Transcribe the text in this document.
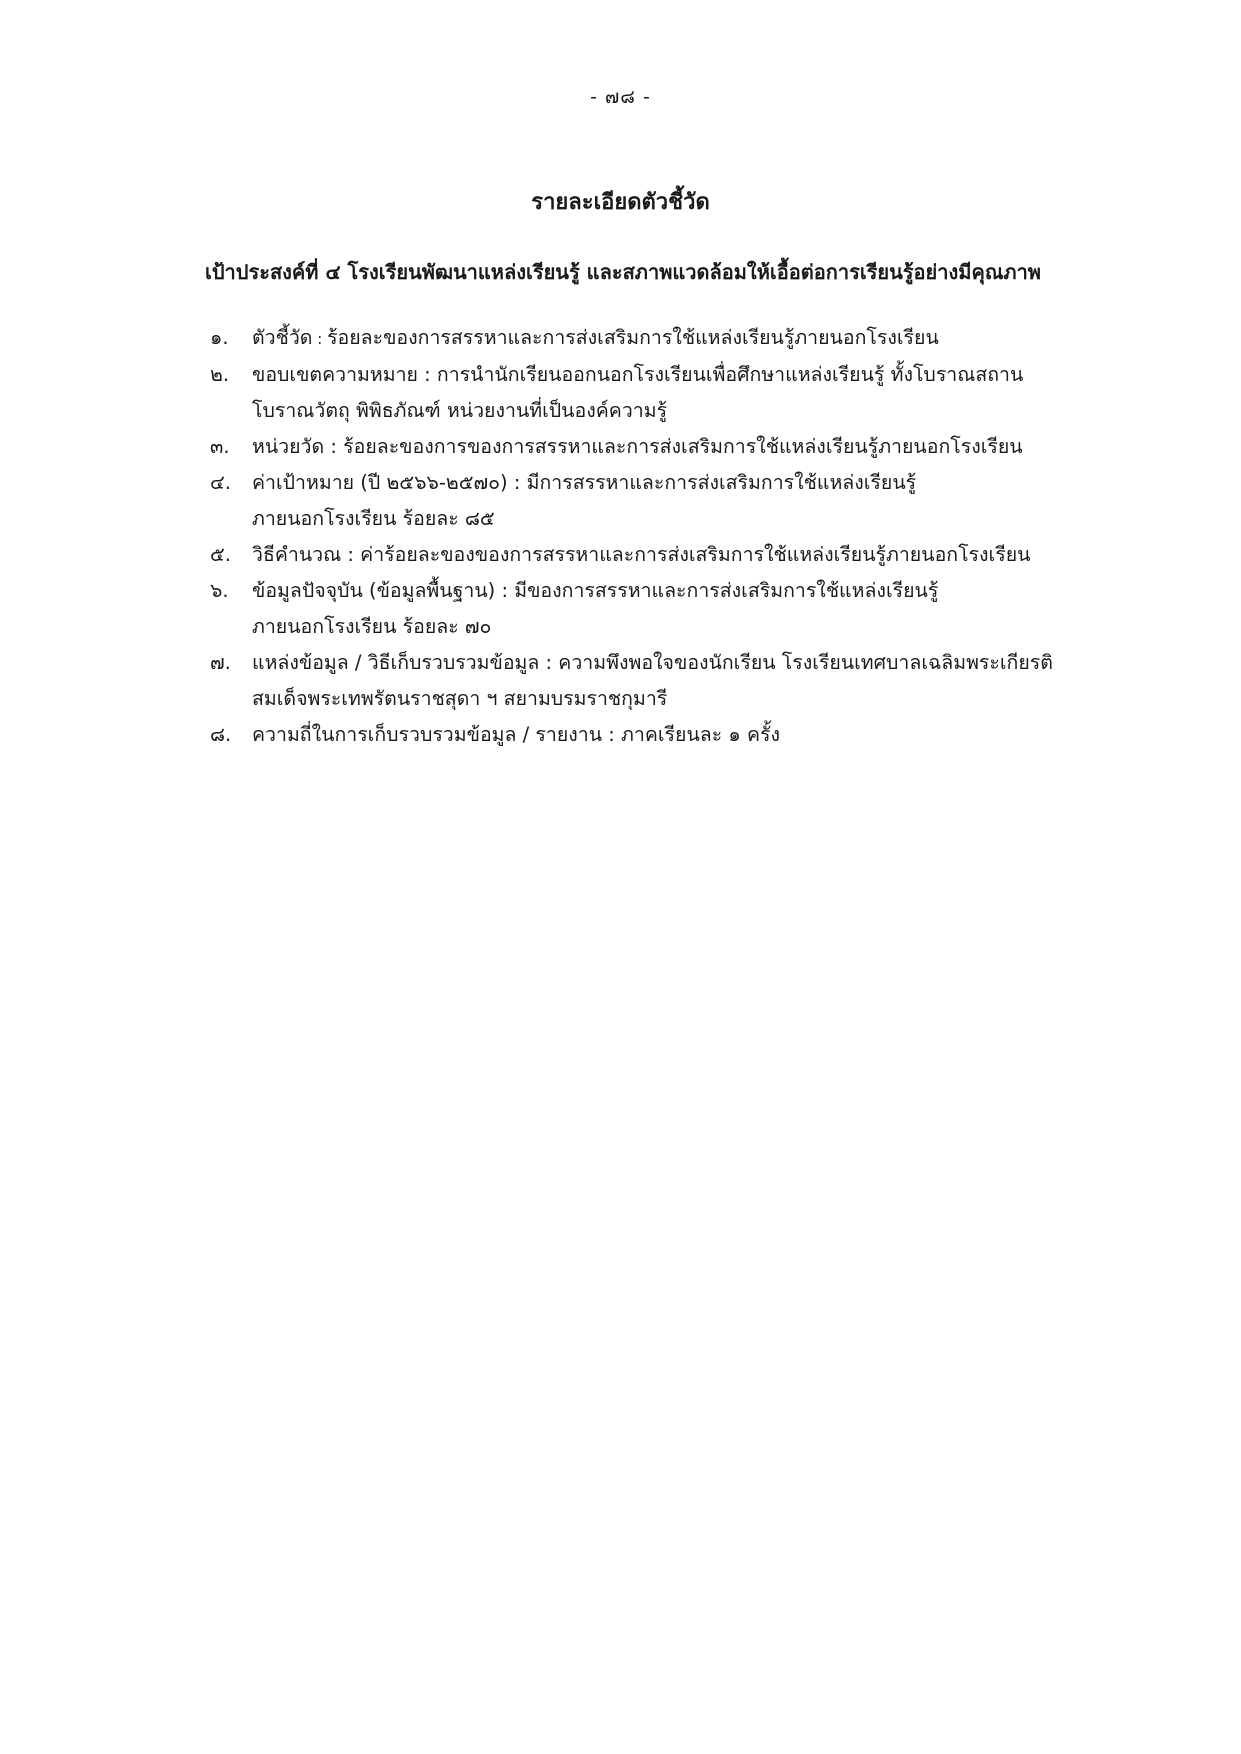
- ๗๘ -
รายละเอียดตัวชี้วัด
เป้าประสงค์ที่ ๔ โรงเรียนพัฒนาแหล่งเรียนรู้ และสภาพแวดล้อมให้เอื้อต่อการเรียนรู้อย่างมีคุณภาพ
๑.	ตัวชี้วัด : ร้อยละของการสรรหาและการส่งเสริมการใช้แหล่งเรียนรู้ภายนอกโรงเรียน
๒.	ขอบเขตความหมาย : การนำนักเรียนออกนอกโรงเรียนเพื่อศึกษาแหล่งเรียนรู้ ทั้งโบราณสถาน
โบราณวัตถุ พิพิธภัณฑ์ หน่วยงานที่เป็นองค์ความรู้
๓.	หน่วยวัด : ร้อยละของการของการสรรหาและการส่งเสริมการใช้แหล่งเรียนรู้ภายนอกโรงเรียน
๔.	ค่าเป้าหมาย (ปี ๒๕๖๖-๒๕๗๐) : มีการสรรหาและการส่งเสริมการใช้แหล่งเรียนรู้
ภายนอกโรงเรียน ร้อยละ ๘๕
๕.	วิธีคำนวณ : ค่าร้อยละของของการสรรหาและการส่งเสริมการใช้แหล่งเรียนรู้ภายนอกโรงเรียน
๖.	ข้อมูลปัจจุบัน (ข้อมูลพื้นฐาน) : มีของการสรรหาและการส่งเสริมการใช้แหล่งเรียนรู้
ภายนอกโรงเรียน ร้อยละ ๗๐
๗.	แหล่งข้อมูล / วิธีเก็บรวบรวมข้อมูล : ความพึงพอใจของนักเรียน โรงเรียนเทศบาลเฉลิมพระเกียรติ
สมเด็จพระเทพรัตนราชสุดา ฯ สยามบรมราชกุมารี
๘.	ความถี่ในการเก็บรวบรวมข้อมูล / รายงาน : ภาคเรียนละ ๑ ครั้ง
